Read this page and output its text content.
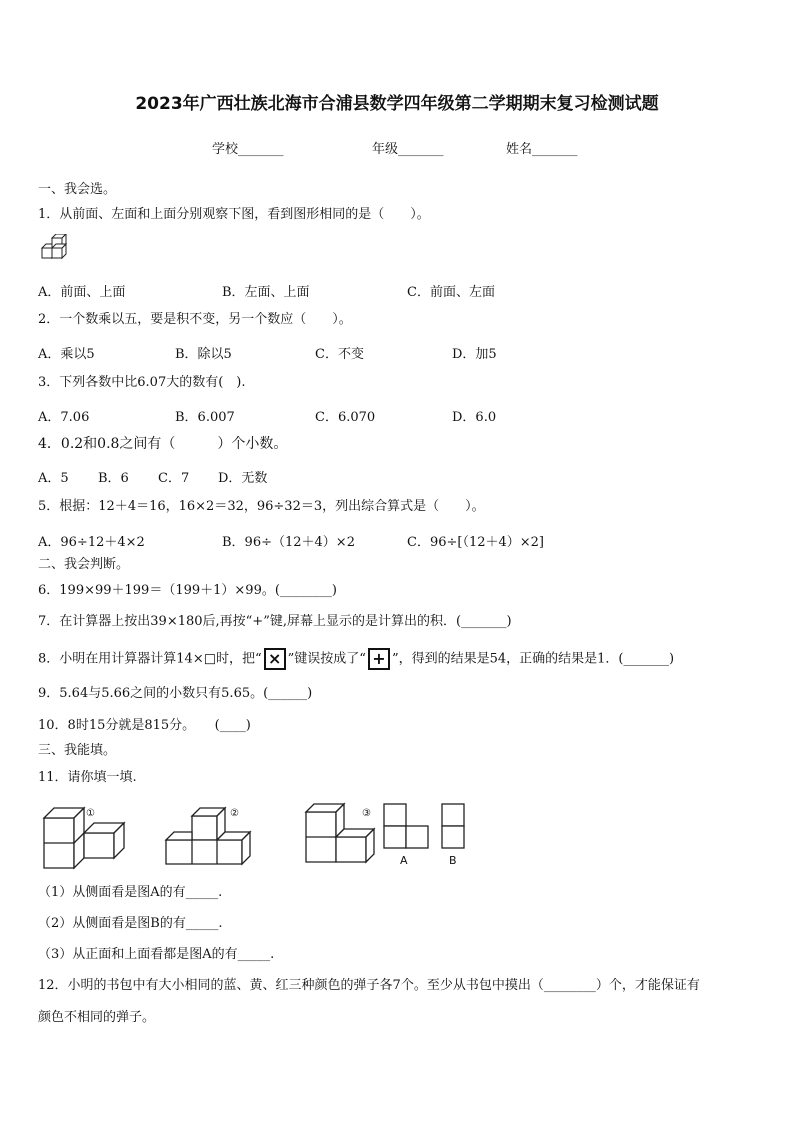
2023年广西壮族北海市合浦县数学四年级第二学期期末复习检测试题
学校_______	年级_______	姓名_______
一、我会选。
1．从前面、左面和上面分别观察下图，看到图形相同的是（　　）。
A．前面、上面	B．左面、上面	C．前面、左面
2．一个数乘以五，要是积不变，另一个数应（　　）。
A．乘以5	B．除以5	C．不变	D．加5
3．下列各数中比6.07大的数有(　).
A．7.06	B．6.007	C．6.070	D．6.0
4．0.2和0.8之间有（　　　）个小数。
A．5 B．6 C．7 D．无数
5．根据：12＋4＝16，16×2＝32，96÷32＝3，列出综合算式是（　　）。
A．96÷12＋4×2	B．96÷（12＋4）×2	C．96÷[（12＋4）×2]
二、我会判断。
6．199×99＋199＝（199＋1）×99。(________)
7．在计算器上按出39×180后,再按“+”键,屏幕上显示的是计算出的积．(_______)
8．小明在用计算器计算14×□时，把“ × ”键误按成了“ + ”，得到的结果是54，正确的结果是1．(_______)
9．5.64与5.66之间的小数只有5.65。(______)
10．8时15分就是815分。　　(____)
三、我能填。
11．请你填一填.
①	②	③
A	B
（1）从侧面看是图A的有_____.
（2）从侧面看是图B的有_____.
（3）从正面和上面看都是图A的有_____.
12．小明的书包中有大小相同的蓝、黄、红三种颜色的弹子各7个。至少从书包中摸出（________）个，才能保证有
颜色不相同的弹子。
